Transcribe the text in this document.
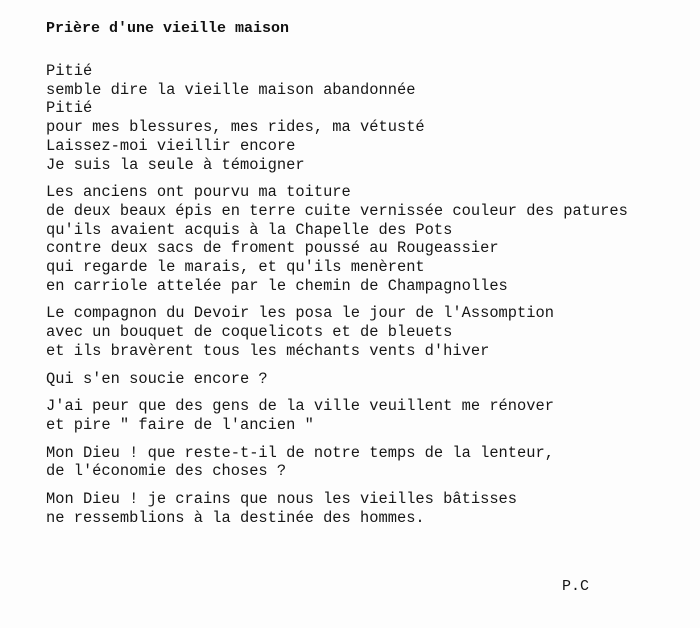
Prière d'une vieille maison
Pitié
semble dire la vieille maison abandonnée
Pitié
pour mes blessures, mes rides, ma vétusté
Laissez-moi vieillir encore
Je suis la seule à témoigner
Les anciens ont pourvu ma toiture
de deux beaux épis en terre cuite vernissée couleur des patures
qu'ils avaient acquis à la Chapelle des Pots
contre deux sacs de froment poussé au Rougeassier
qui regarde le marais, et qu'ils menèrent
en carriole attelée par le chemin de Champagnolles
Le compagnon du Devoir les posa le jour de l'Assomption
avec un bouquet de coquelicots et de bleuets
et ils bravèrent tous les méchants vents d'hiver
Qui s'en soucie encore ?
J'ai peur que des gens de la ville veuillent me rénover
et pire " faire de l'ancien "
Mon Dieu ! que reste-t-il de notre temps de la lenteur,
de l'économie des choses ?
Mon Dieu ! je crains que nous les vieilles bâtisses
ne ressemblions à la destinée des hommes.
P.C
